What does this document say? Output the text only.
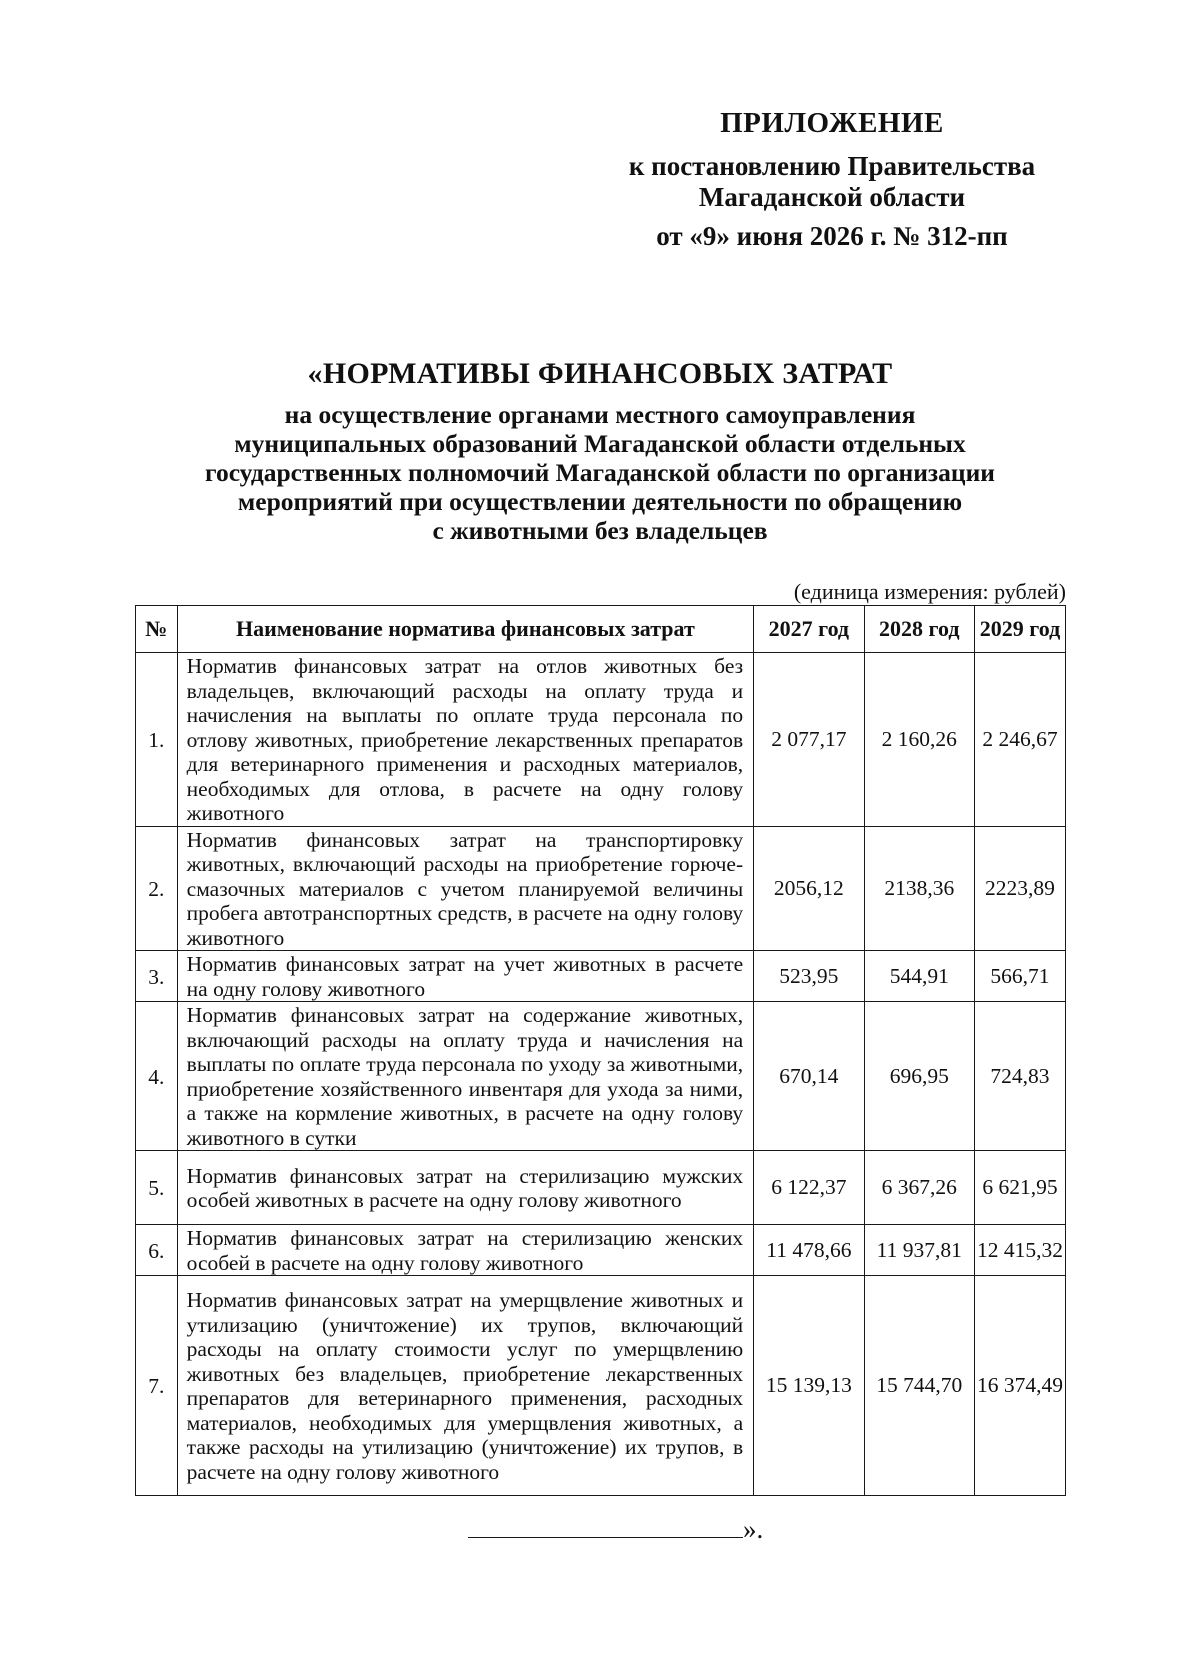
ПРИЛОЖЕНИЕ
к постановлению Правительства
Магаданской области
от «9» июня 2026 г. № 312-пп
«НОРМАТИВЫ ФИНАНСОВЫХ ЗАТРАТ
на осуществление органами местного самоуправления
муниципальных образований Магаданской области отдельных
государственных полномочий Магаданской области по организации
мероприятий при осуществлении деятельности по обращению
с животными без владельцев
(единица измерения: рублей)
№	Наименование норматива финансовых затрат	2027 год	2028 год	2029 год
1.	Норматив финансовых затрат на отлов животных без владельцев, включающий расходы на оплату труда и начисления на выплаты по оплате труда персонала по отлову животных, приобретение лекарственных препаратов для ветеринарного применения и расходных материалов, необходимых для отлова, в расчете на одну голову животного	2 077,17	2 160,26	2 246,67
2.	Норматив финансовых затрат на транспортировку животных, включающий расходы на приобретение горюче-смазочных материалов с учетом планируемой величины пробега автотранспортных средств, в расчете на одну голову животного	2056,12	2138,36	2223,89
3.	Норматив финансовых затрат на учет животных в расчете на одну голову животного	523,95	544,91	566,71
4.	Норматив финансовых затрат на содержание животных, включающий расходы на оплату труда и начисления на выплаты по оплате труда персонала по уходу за животными, приобретение хозяйственного инвентаря для ухода за ними, а также на кормление животных, в расчете на одну голову животного в сутки	670,14	696,95	724,83
5.	Норматив финансовых затрат на стерилизацию мужских особей животных в расчете на одну голову животного	6 122,37	6 367,26	6 621,95
6.	Норматив финансовых затрат на стерилизацию женских особей в расчете на одну голову животного	11 478,66	11 937,81	12 415,32
7.	Норматив финансовых затрат на умерщвление животных и утилизацию (уничтожение) их трупов, включающий расходы на оплату стоимости услуг по умерщвлению животных без владельцев, приобретение лекарственных препаратов для ветеринарного применения, расходных материалов, необходимых для умерщвления животных, а также расходы на утилизацию (уничтожение) их трупов, в расчете на одну голову животного	15 139,13	15 744,70	16 374,49
».
